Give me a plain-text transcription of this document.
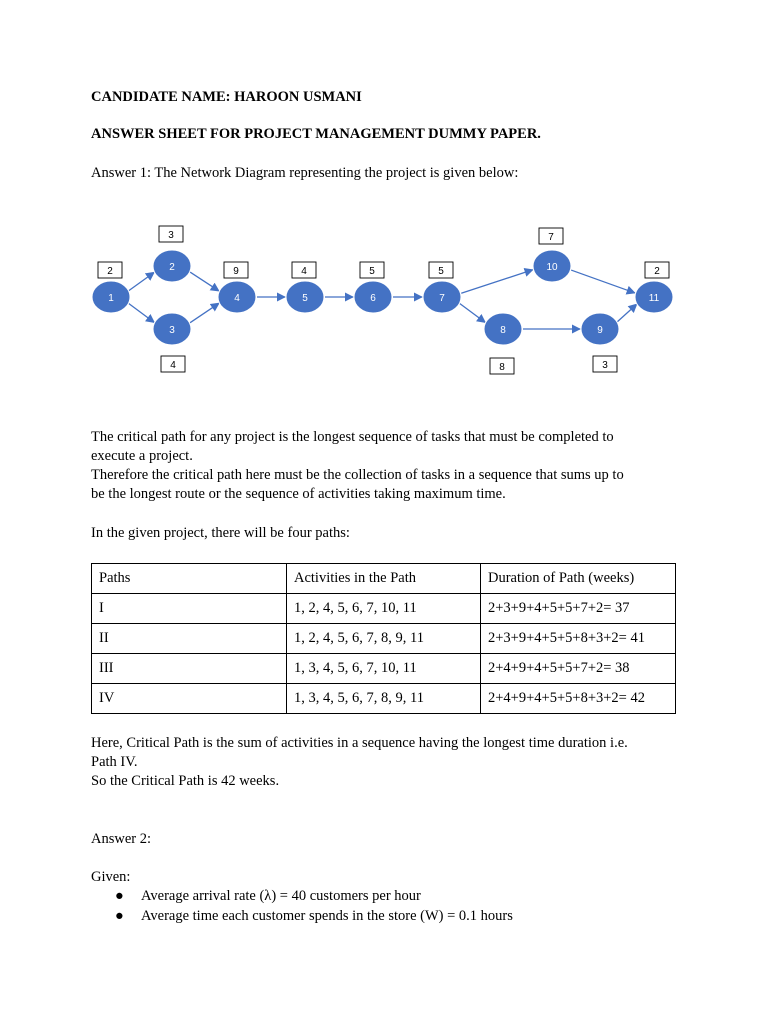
CANDIDATE NAME: HAROON USMANI
ANSWER SHEET FOR PROJECT MANAGEMENT DUMMY PAPER.
Answer 1: The Network Diagram representing the project is given below:
1
2
3
4	5	6	7
8	9
10
11
2
3
4
9	4	5	5
7
8	3
2
The critical path for any project is the longest sequence of tasks that must be completed to
execute a project.
Therefore the critical path here must be the collection of tasks in a sequence that sums up to
be the longest route or the sequence of activities taking maximum time.
In the given project, there will be four paths:
Paths	Activities in the Path	Duration of Path (weeks)
I	1, 2, 4, 5, 6, 7, 10, 11	2+3+9+4+5+5+7+2= 37
II	1, 2, 4, 5, 6, 7, 8, 9, 11	2+3+9+4+5+5+8+3+2= 41
III	1, 3, 4, 5, 6, 7, 10, 11	2+4+9+4+5+5+7+2= 38
IV	1, 3, 4, 5, 6, 7, 8, 9, 11	2+4+9+4+5+5+8+3+2= 42
Here, Critical Path is the sum of activities in a sequence having the longest time duration i.e.
Path IV.
So the Critical Path is 42 weeks.
Answer 2:
Given:
● Average arrival rate (λ) = 40 customers per hour
● Average time each customer spends in the store (W) = 0.1 hours
